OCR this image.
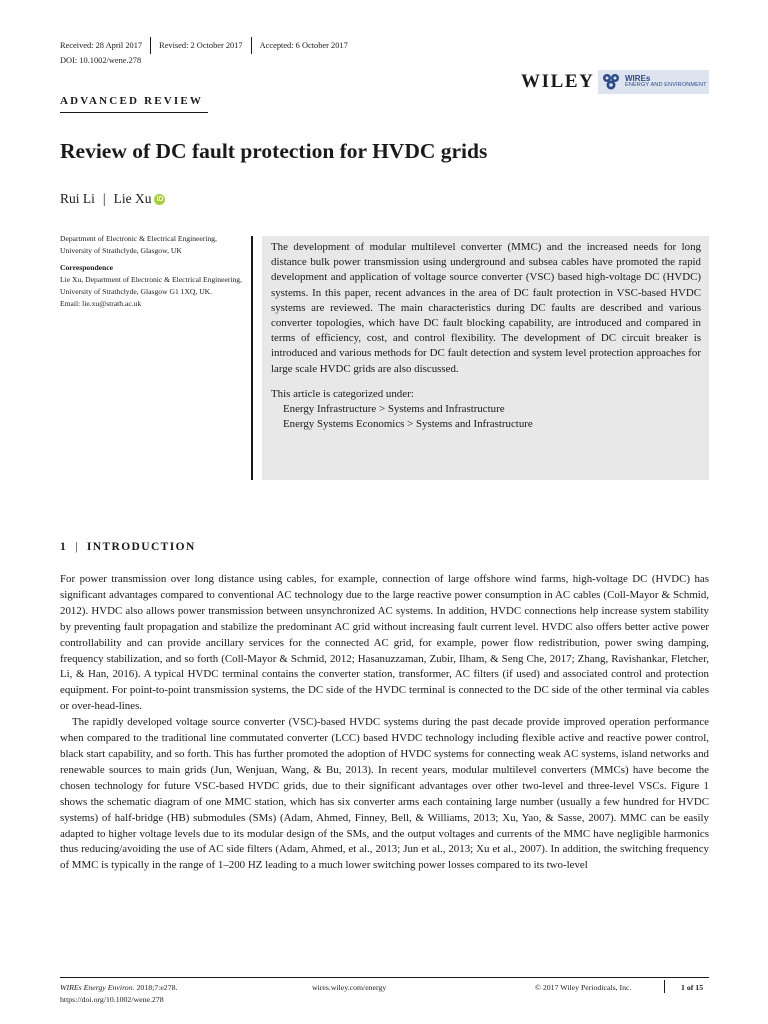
Received: 28 April 2017	Revised: 2 October 2017	Accepted: 6 October 2017
DOI: 10.1002/wene.278
WILEY	WIREs
ENERGY AND ENVIRONMENT
ADVANCED REVIEW
Review of DC fault protection for HVDC grids
Rui Li | Lie Xu iD

Department of Electronic & Electrical Engineering, University of Strathclyde, Glasgow, UK

Correspondence

Lie Xu, Department of Electronic & Electrical Engineering, University of Strathclyde, Glasgow G1 1XQ, UK.

Email: lie.xu@strath.ac.uk

The development of modular multilevel converter (MMC) and the increased needs for long distance bulk power transmission using underground and subsea cables have promoted the rapid development and application of voltage source converter (VSC) based high-voltage DC (HVDC) systems. In this paper, recent advances in the area of DC fault protection in VSC-based HVDC systems are reviewed. The main characteristics during DC faults are described and various converter topologies, which have DC fault blocking capability, are introduced and compared in terms of efficiency, cost, and control flexibility. The development of DC circuit breaker is introduced and various methods for DC fault detection and system level protection approaches for large scale HVDC grids are also discussed.

This article is categorized under:

Energy Infrastructure > Systems and Infrastructure

Energy Systems Economics > Systems and Infrastructure

1 | INTRODUCTION

For power transmission over long distance using cables, for example, connection of large offshore wind farms, high-voltage DC (HVDC) has significant advantages compared to conventional AC technology due to the large reactive power consumption in AC cables (Coll-Mayor & Schmid, 2012). HVDC also allows power transmission between unsynchronized AC systems. In addition, HVDC connections help increase system stability by preventing fault propagation and stabilize the predominant AC grid without increasing fault current level. HVDC also offers better active power controllability and can provide ancillary services for the connected AC grid, for example, power flow redistribution, power swing damping, frequency stabilization, and so forth (Coll-Mayor & Schmid, 2012; Hasanuzzaman, Zubir, Ilham, & Seng Che, 2017; Zhang, Ravishankar, Fletcher, Li, & Han, 2016). A typical HVDC terminal contains the converter station, transformer, AC filters (if used) and associated control and protection equipment. For point-to-point transmission systems, the DC side of the HVDC terminal is connected to the DC side of the other terminal via cables or over-head-lines.

The rapidly developed voltage source converter (VSC)-based HVDC systems during the past decade provide improved operation performance when compared to the traditional line commutated converter (LCC) based HVDC technology including flexible active and reactive power control, black start capability, and so forth. This has further promoted the adoption of HVDC systems for connecting weak AC systems, island networks and renewable sources to main grids (Jun, Wenjuan, Wang, & Bu, 2013). In recent years, modular multilevel converters (MMCs) have become the chosen technology for future VSC-based HVDC grids, due to their significant advantages over other two-level and three-level VSCs. Figure 1 shows the schematic diagram of one MMC station, which has six converter arms each containing large number (usually a few hundred for HVDC systems) of half-bridge (HB) submodules (SMs) (Adam, Ahmed, Finney, Bell, & Williams, 2013; Xu, Yao, & Sasse, 2007). MMC can be easily adapted to higher voltage levels due to its modular design of the SMs, and the output voltages and currents of the MMC have negligible harmonics thus reducing/avoiding the use of AC side filters (Adam, Ahmed, et al., 2013; Jun et al., 2013; Xu et al., 2007). In addition, the switching frequency of MMC is typically in the range of 1–200 HZ leading to a much lower switching power losses compared to its two-level

WIREs Energy Environ. 2018;7:e278.
https://doi.org/10.1002/wene.278
wires.wiley.com/energy	© 2017 Wiley Periodicals, Inc.	1 of 15
